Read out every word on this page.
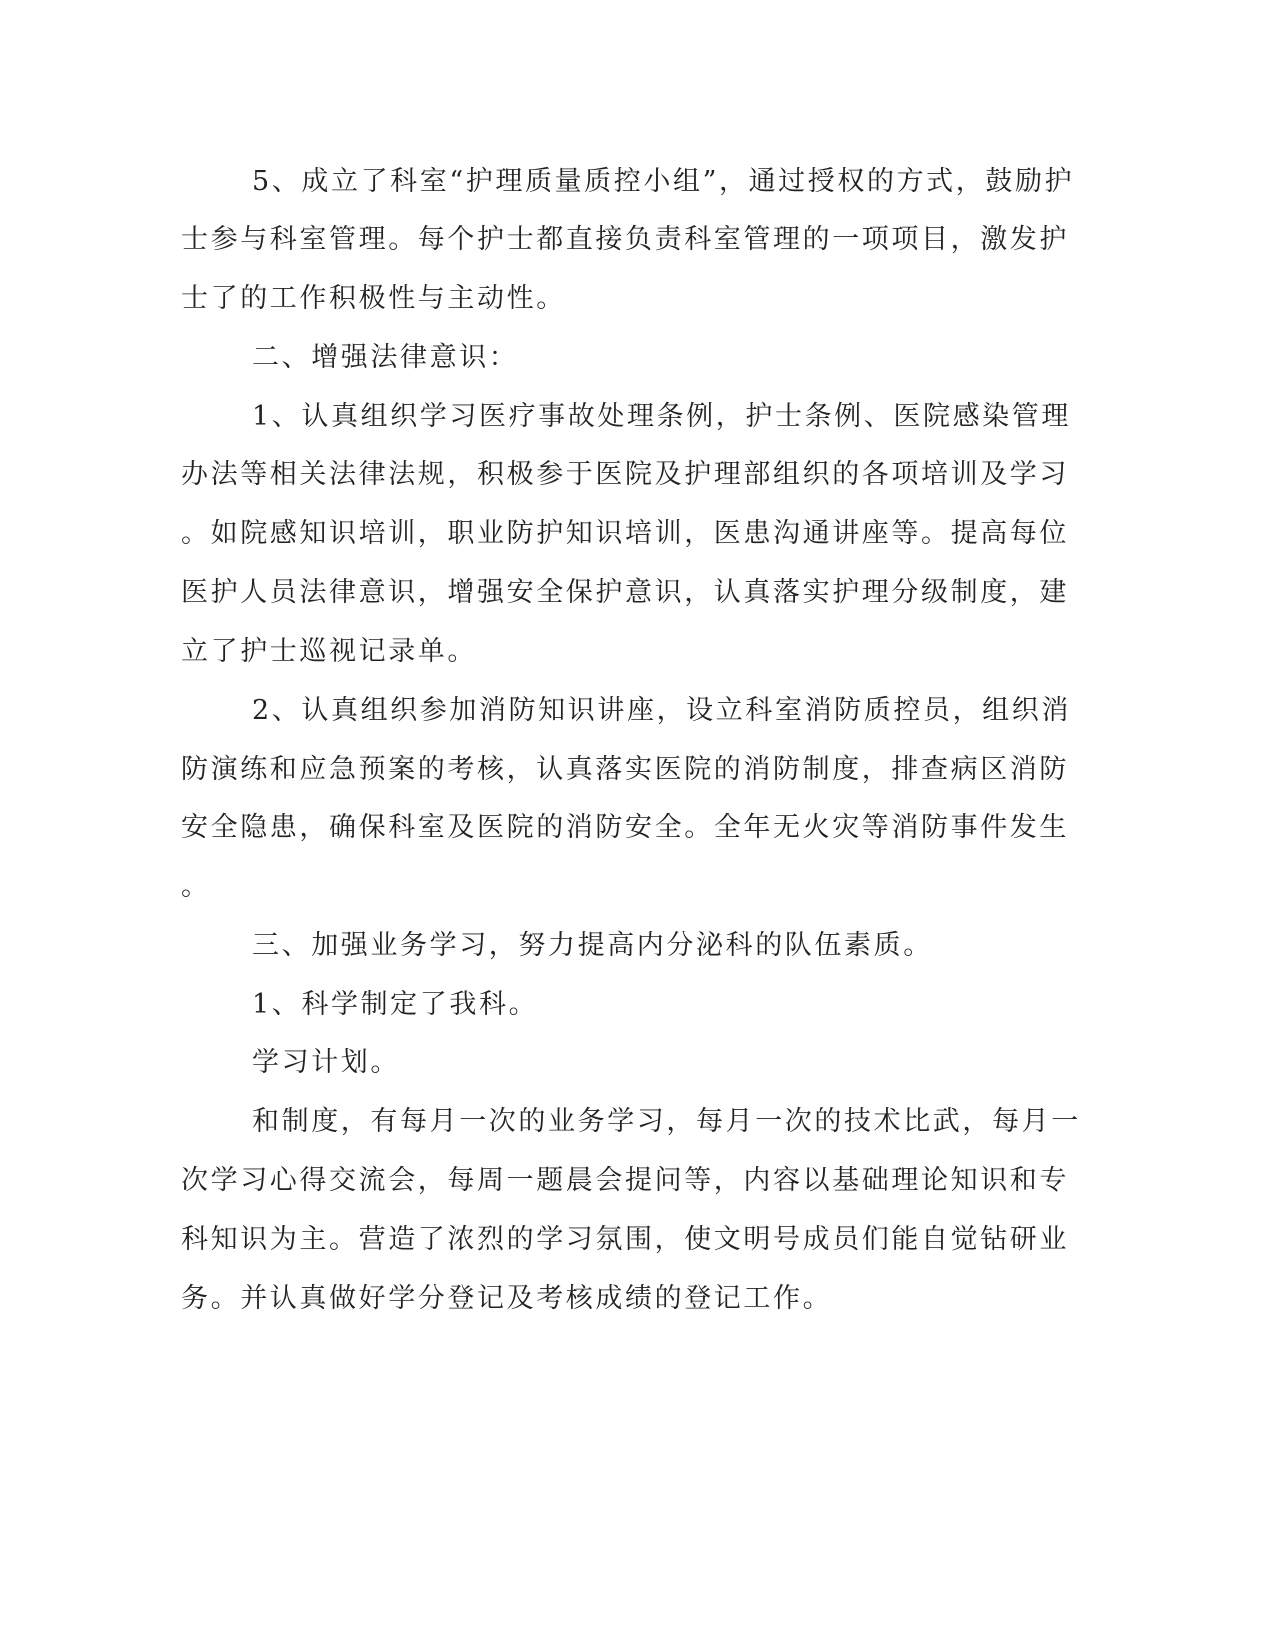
5、成立了科室“护理质量质控小组”，通过授权的方式，鼓励护
士参与科室管理。每个护士都直接负责科室管理的一项项目，激发护
士了的工作积极性与主动性。
二、增强法律意识：
1、认真组织学习医疗事故处理条例，护士条例、医院感染管理
办法等相关法律法规，积极参于医院及护理部组织的各项培训及学习
。如院感知识培训，职业防护知识培训，医患沟通讲座等。提高每位
医护人员法律意识，增强安全保护意识，认真落实护理分级制度，建
立了护士巡视记录单。
2、认真组织参加消防知识讲座，设立科室消防质控员，组织消
防演练和应急预案的考核，认真落实医院的消防制度，排查病区消防
安全隐患，确保科室及医院的消防安全。全年无火灾等消防事件发生
。
三、加强业务学习，努力提高内分泌科的队伍素质。
1、科学制定了我科。
学习计划。
和制度，有每月一次的业务学习，每月一次的技术比武，每月一
次学习心得交流会，每周一题晨会提问等，内容以基础理论知识和专
科知识为主。营造了浓烈的学习氛围，使文明号成员们能自觉钻研业
务。并认真做好学分登记及考核成绩的登记工作。
